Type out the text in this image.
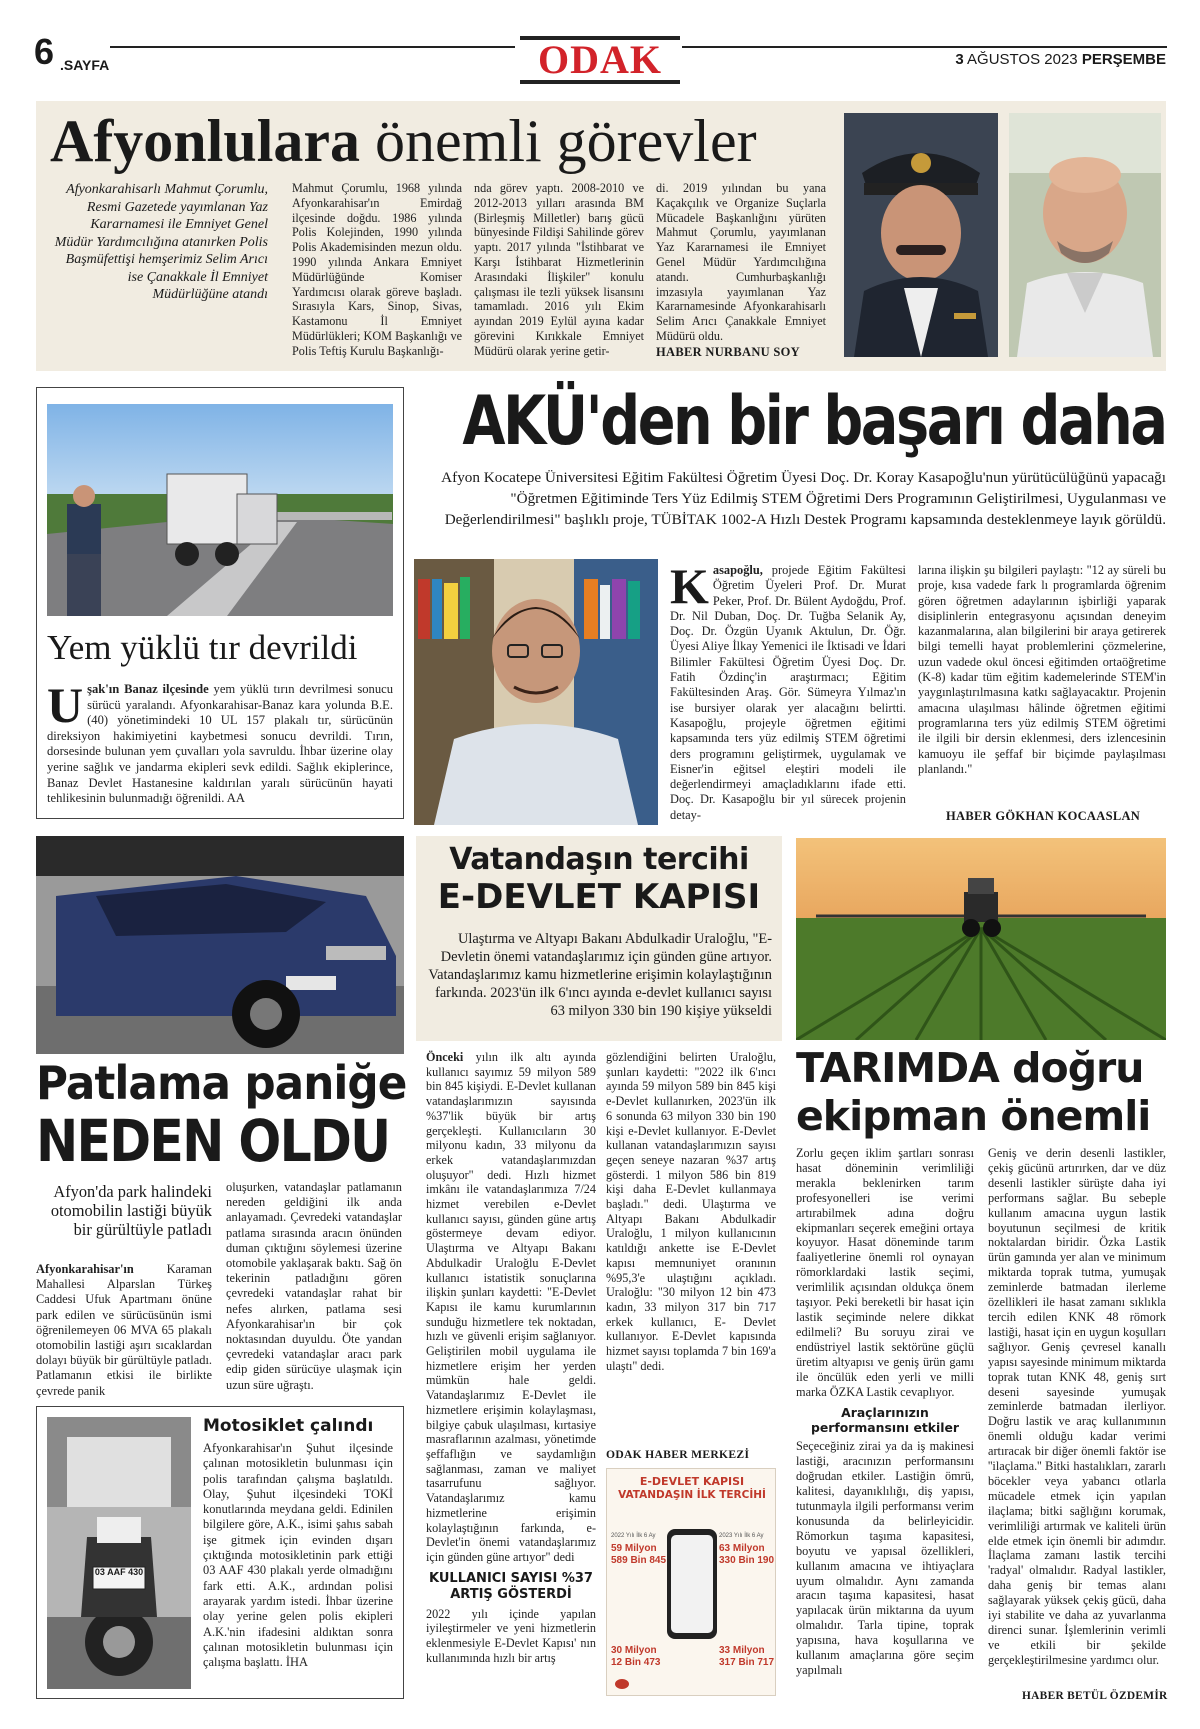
6 .SAYFA	ODAK	3 AĞUSTOS 2023 PERŞEMBE
Afyonlulara önemli görevler
Afyonkarahisarlı Mahmut Çorumlu, Resmi Gazetede yayımlanan Yaz Kararnamesi ile Emniyet Genel Müdür Yardımcılığına atanırken Polis Başmüfettişi hemşerimiz Selim Arıcı ise Çanakkale İl Emniyet Müdürlüğüne atandı
Mahmut Çorumlu, 1968 yılında Afyonkarahisar'ın Emirdağ ilçesinde doğdu. 1986 yılında Polis Kolejinden, 1990 yılında Polis Akademisinden mezun oldu. 1990 yılında Ankara Emniyet Müdürlüğünde Komiser Yardımcısı olarak göreve başladı. Sırasıyla Kars, Sinop, Sivas, Kastamonu İl Emniyet Müdürlükleri; KOM Başkanlığı ve Polis Teftiş Kurulu Başkanlığı-
nda görev yaptı. 2008-2010 ve 2012-2013 yılları arasında BM (Birleşmiş Milletler) barış gücü bünyesinde Fildişi Sahilinde görev yaptı. 2017 yılında "İstihbarat ve Karşı İstihbarat Hizmetlerinin Arasındaki İlişkiler" konulu çalışması ile tezli yüksek lisansını tamamladı. 2016 yılı Ekim ayından 2019 Eylül ayına kadar görevini Kırıkkale Emniyet Müdürü olarak yerine getir-
di. 2019 yılından bu yana Kaçakçılık ve Organize Suçlarla Mücadele Başkanlığını yürüten Mahmut Çorumlu, yayımlanan Yaz Kararnamesi ile Emniyet Genel Müdür Yardımcılığına atandı. Cumhurbaşkanlığı imzasıyla yayımlanan Yaz Kararnamesinde Afyonkarahisarlı Selim Arıcı Çanakkale Emniyet Müdürü oldu.
HABER NURBANU SOY
Yem yüklü tır devrildi
U şak'ın Banaz ilçesinde yem yüklü tırın devrilmesi sonucu sürücü yaralandı. Afyonkarahisar-Banaz kara yolunda B.E. (40) yönetimindeki 10 UL 157 plakalı tır, sürücünün direksiyon hakimiyetini kaybetmesi sonucu devrildi. Tırın, dorsesinde bulunan yem çuvalları yola savruldu. İhbar üzerine olay yerine sağlık ve jandarma ekipleri sevk edildi. Sağlık ekiplerince, Banaz Devlet Hastanesine kaldırılan yaralı sürücünün hayati tehlikesinin bulunmadığı öğrenildi. AA

AKÜ'den bir başarı daha
Afyon Kocatepe Üniversitesi Eğitim Fakültesi Öğretim Üyesi Doç. Dr. Koray Kasapoğlu'nun yürütücülüğünü yapacağı "Öğretmen Eğitiminde Ters Yüz Edilmiş STEM Öğretimi Ders Programının Geliştirilmesi, Uygulanması ve Değerlendirilmesi" başlıklı proje, TÜBİTAK 1002-A Hızlı Destek Programı kapsamında desteklenmeye layık görüldü.
K asapoğlu, projede Eğitim Fakültesi Öğretim Üyeleri Prof. Dr. Murat Peker, Prof. Dr. Bülent Aydoğdu, Prof. Dr. Nil Duban, Doç. Dr. Tuğba Selanik Ay, Doç. Dr. Özgün Uyanık Aktulun, Dr. Öğr. Üyesi Aliye İlkay Yemenici ile İktisadi ve İdari Bilimler Fakültesi Öğretim Üyesi Doç. Dr. Fatih Özdinç'in araştırmacı; Eğitim Fakültesinden Araş. Gör. Sümeyra Yılmaz'ın ise bursiyer olarak yer alacağını belirtti. Kasapoğlu, projeyle öğretmen eğitimi kapsamında ters yüz edilmiş STEM öğretimi ders programını geliştirmek, uygulamak ve Eisner'in eğitsel eleştiri modeli ile değerlendirmeyi amaçladıklarını ifade etti. Doç. Dr. Kasapoğlu bir yıl sürecek projenin detay-

larına ilişkin şu bilgileri paylaştı: "12 ay süreli bu proje, kısa vadede fark lı programlarda öğrenim gören öğretmen adaylarının işbirliği yaparak disiplinlerin entegrasyonu açısından deneyim kazanmalarına, alan bilgilerini bir araya getirerek bilgi temelli hayat problemlerini çözmelerine, uzun vadede okul öncesi eğitimden ortaöğretime (K-8) kadar tüm eğitim kademelerinde STEM'in yaygınlaştırılmasına katkı sağlayacaktır. Projenin amacına ulaşılması hâlinde öğretmen eğitimi programlarına ters yüz edilmiş STEM öğretimi ile ilgili bir dersin eklenmesi, ders izlencesinin kamuoyu ile şeffaf bir biçimde paylaşılması planlandı."
HABER GÖKHAN KOCAASLAN
Patlama paniğe
NEDEN OLDU
Afyon'da park halindeki otomobilin lastiği büyük bir gürültüyle patladı

Afyonkarahisar'ın Karaman Mahallesi Alparslan Türkeş Caddesi Ufuk Apartmanı önüne park edilen ve sürücüsünün ismi öğrenilemeyen 06 MVA 65 plakalı otomobilin lastiği aşırı sıcaklardan dolayı büyük bir gürültüyle patladı. Patlamanın etkisi ile birlikte çevrede panik

oluşurken, vatandaşlar patlamanın nereden geldiğini ilk anda anlayamadı. Çevredeki vatandaşlar patlama sırasında aracın önünden duman çıktığını söylemesi üzerine otomobile yaklaşarak baktı. Sağ ön tekerinin patladığını gören çevredeki vatandaşlar rahat bir nefes alırken, patlama sesi Afyonkarahisar'ın bir çok noktasından duyuldu. Öte yandan çevredeki vatandaşlar aracı park edip giden sürücüye ulaşmak için uzun süre uğraştı.
03 AAF 430
Motosiklet çalındı
Afyonkarahisar'ın Şuhut ilçesinde çalınan motosikletin bulunması için polis tarafından çalışma başlatıldı. Olay, Şuhut ilçesindeki TOKİ konutlarında meydana geldi. Edinilen bilgilere göre, A.K., isimi şahıs sabah işe gitmek için evinden dışarı çıktığında motosikletinin park ettiği 03 AAF 430 plakalı yerde olmadığını fark etti. A.K., ardından polisi arayarak yardım istedi. İhbar üzerine olay yerine gelen polis ekipleri A.K.'nin ifadesini aldıktan sonra çalınan motosikletin bulunması için çalışma başlattı. İHA
Vatandaşın tercihi
E-DEVLET KAPISI
Ulaştırma ve Altyapı Bakanı Abdulkadir Uraloğlu, "E-Devletin önemi vatandaşlarımız için günden güne artıyor. Vatandaşlarımız kamu hizmetlerine erişimin kolaylaştığının farkında. 2023'ün ilk 6'ıncı ayında e-devlet kullanıcı sayısı 63 milyon 330 bin 190 kişiye yükseldi

Önceki yılın ilk altı ayında kullanıcı sayımız 59 milyon 589 bin 845 kişiydi. E-Devlet kullanan vatandaşlarımızın sayısında %37'lik büyük bir artış gerçekleşti. Kullanıcıların 30 milyonu kadın, 33 milyonu da erkek vatandaşlarımızdan oluşuyor" dedi. Hızlı hizmet imkânı ile vatandaşlarımıza 7/24 hizmet verebilen e-Devlet kullanıcı sayısı, günden güne artış göstermeye devam ediyor. Ulaştırma ve Altyapı Bakanı Abdulkadir Uraloğlu E-Devlet kullanıcı istatistik sonuçlarına ilişkin şunları kaydetti: "E-Devlet Kapısı ile kamu kurumlarının sunduğu hizmetlere tek noktadan, hızlı ve güvenli erişim sağlanıyor. Geliştirilen mobil uygulama ile hizmetlere erişim her yerden mümkün hale geldi. Vatandaşlarımız E-Devlet ile hizmetlere erişimin kolaylaşması, bilgiye çabuk ulaşılması, kırtasiye masraflarının azalması, yönetimde şeffaflığın ve saydamlığın sağlanması, zaman ve maliyet tasarrufunu sağlıyor. Vatandaşlarımız kamu hizmetlerine erişimin kolaylaştığının farkında, e-Devlet'in önemi vatandaşlarımız için günden güne artıyor" dedi

KULLANICI SAYISI %37 ARTIŞ GÖSTERDİ

2022 yılı içinde yapılan iyileştirmeler ve yeni hizmetlerin eklenmesiyle E-Devlet Kapısı' nın kullanımında hızlı bir artış

gözlendiğini belirten Uraloğlu, şunları kaydetti: "2022 ilk 6'ıncı ayında 59 milyon 589 bin 845 kişi e-Devlet kullanırken, 2023'ün ilk 6 sonunda 63 milyon 330 bin 190 kişi e-Devlet kullanıyor. E-Devlet kullanan vatandaşlarımızın sayısı geçen seneye nazaran %37 artış gösterdi. 1 milyon 586 bin 819 kişi daha E-Devlet kullanmaya başladı." dedi. Ulaştırma ve Altyapı Bakanı Abdulkadir Uraloğlu, 1 milyon kullanıcının katıldığı ankette ise E-Devlet kapısı memnuniyet oranının %95,3'e ulaştığını açıkladı. Uraloğlu: "30 milyon 12 bin 473 kadın, 33 milyon 317 bin 717 erkek kullanıcı, E- Devlet kullanıyor. E-Devlet kapısında hizmet sayısı toplamda 7 bin 169'a ulaştı" dedi.
ODAK HABER MERKEZİ
E-DEVLET KAPISI
VATANDAŞIN İLK TERCİHİ
2022 Yılı İlk 6 Ay
59 Milyon
589 Bin 845
2023 Yılı İlk 6 Ay
63 Milyon
330 Bin 190
30 Milyon
12 Bin 473
33 Milyon
317 Bin 717
TARIMDA doğru
ekipman önemli

Zorlu geçen iklim şartları sonrası hasat döneminin verimliliği merakla beklenirken tarım profesyonelleri ise verimi artırabilmek adına doğru ekipmanları seçerek emeğini ortaya koyuyor. Hasat döneminde tarım faaliyetlerine önemli rol oynayan römorklardaki lastik seçimi, verimlilik açısından oldukça önem taşıyor. Peki bereketli bir hasat için lastik seçiminde nelere dikkat edilmeli? Bu soruyu zirai ve endüstriyel lastik sektörüne güçlü üretim altyapısı ve geniş ürün gamı ile öncülük eden yerli ve milli marka ÖZKA Lastik cevaplıyor.

Araçlarınızın performansını etkiler

Seçeceğiniz zirai ya da iş makinesi lastiği, aracınızın performansını doğrudan etkiler. Lastiğin ömrü, kalitesi, dayanıklılığı, diş yapısı, tutunmayla ilgili performansı verim konusunda da belirleyicidir. Römorkun taşıma kapasitesi, boyutu ve yapısal özellikleri, kullanım amacına ve ihtiyaçlara uyum olmalıdır. Aynı zamanda aracın taşıma kapasitesi, hasat yapılacak ürün miktarına da uyum olmalıdır. Tarla tipine, toprak yapısına, hava koşullarına ve kullanım amaçlarına göre seçim yapılmalı

Geniş ve derin desenli lastikler, çekiş gücünü artırırken, dar ve düz desenli lastikler sürüşte daha iyi performans sağlar. Bu sebeple kullanım amacına uygun lastik boyutunun seçilmesi de kritik noktalardan biridir. Özka Lastik ürün gamında yer alan ve minimum miktarda toprak tutma, yumuşak zeminlerde batmadan ilerleme özellikleri ile hasat zamanı sıklıkla tercih edilen KNK 48 römork lastiği, hasat için en uygun koşulları sağlıyor. Geniş çevresel kanallı yapısı sayesinde minimum miktarda toprak tutan KNK 48, geniş sırt deseni sayesinde yumuşak zeminlerde batmadan ilerliyor. Doğru lastik ve araç kullanımının önemli olduğu kadar verimi artıracak bir diğer önemli faktör ise ''ilaçlama.'' Bitki hastalıkları, zararlı böcekler veya yabancı otlarla mücadele etmek için yapılan ilaçlama; bitki sağlığını korumak, verimliliği artırmak ve kaliteli ürün elde etmek için önemli bir adımdır. İlaçlama zamanı lastik tercihi 'radyal' olmalıdır. Radyal lastikler, daha geniş bir temas alanı sağlayarak yüksek çekiş gücü, daha iyi stabilite ve daha az yuvarlanma direnci sunar. İşlemlerinin verimli ve etkili bir şekilde gerçekleştirilmesine yardımcı olur.
HABER BETÜL ÖZDEMİR
